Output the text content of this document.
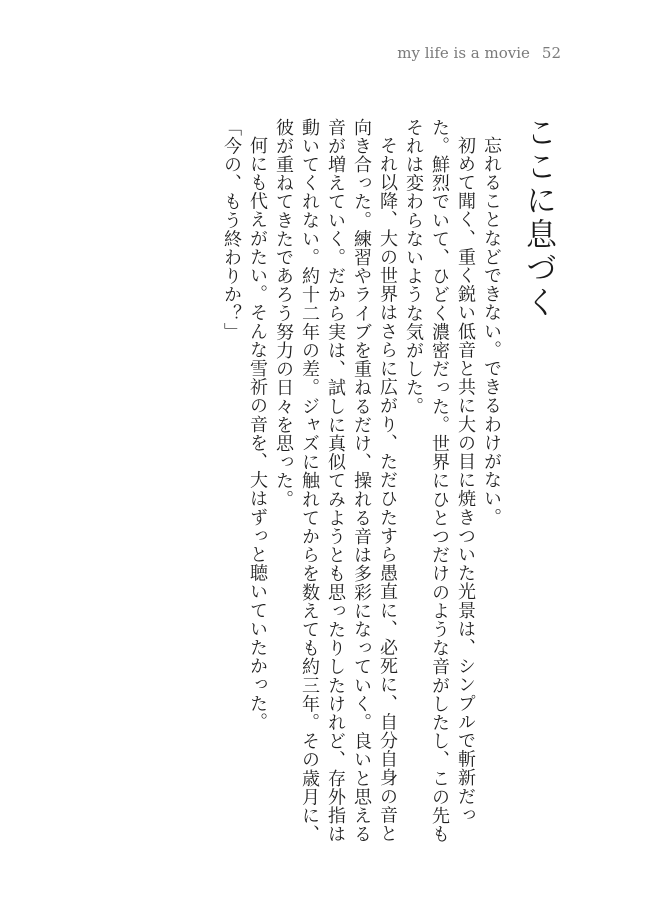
my life is a movie 52
ここに息づく

忘れることなどできない。できるわけがない。

初めて聞く、重く鋭い低音と共に大の目に焼きついた光景は、シンプルで斬新だった。鮮烈でいて、ひどく濃密だった。世界にひとつだけのような音がしたし、この先もそれは変わらないような気がした。

それ以降、大の世界はさらに広がり、ただひたすら愚直に、必死に、自分自身の音と向き合った。練習やライブを重ねるだけ、操れる音は多彩になっていく。良いと思える音が増えていく。だから実は、試しに真似てみようとも思ったりしたけれど、存外指は動いてくれない。約十二年の差。ジャズに触れてからを数えても約三年。その歳月に、彼が重ねてきたであろう努力の日々を思った。

何にも代えがたい。そんな雪祈の音を、大はずっと聴いていたかった。

「今の、もう終わりか？」
